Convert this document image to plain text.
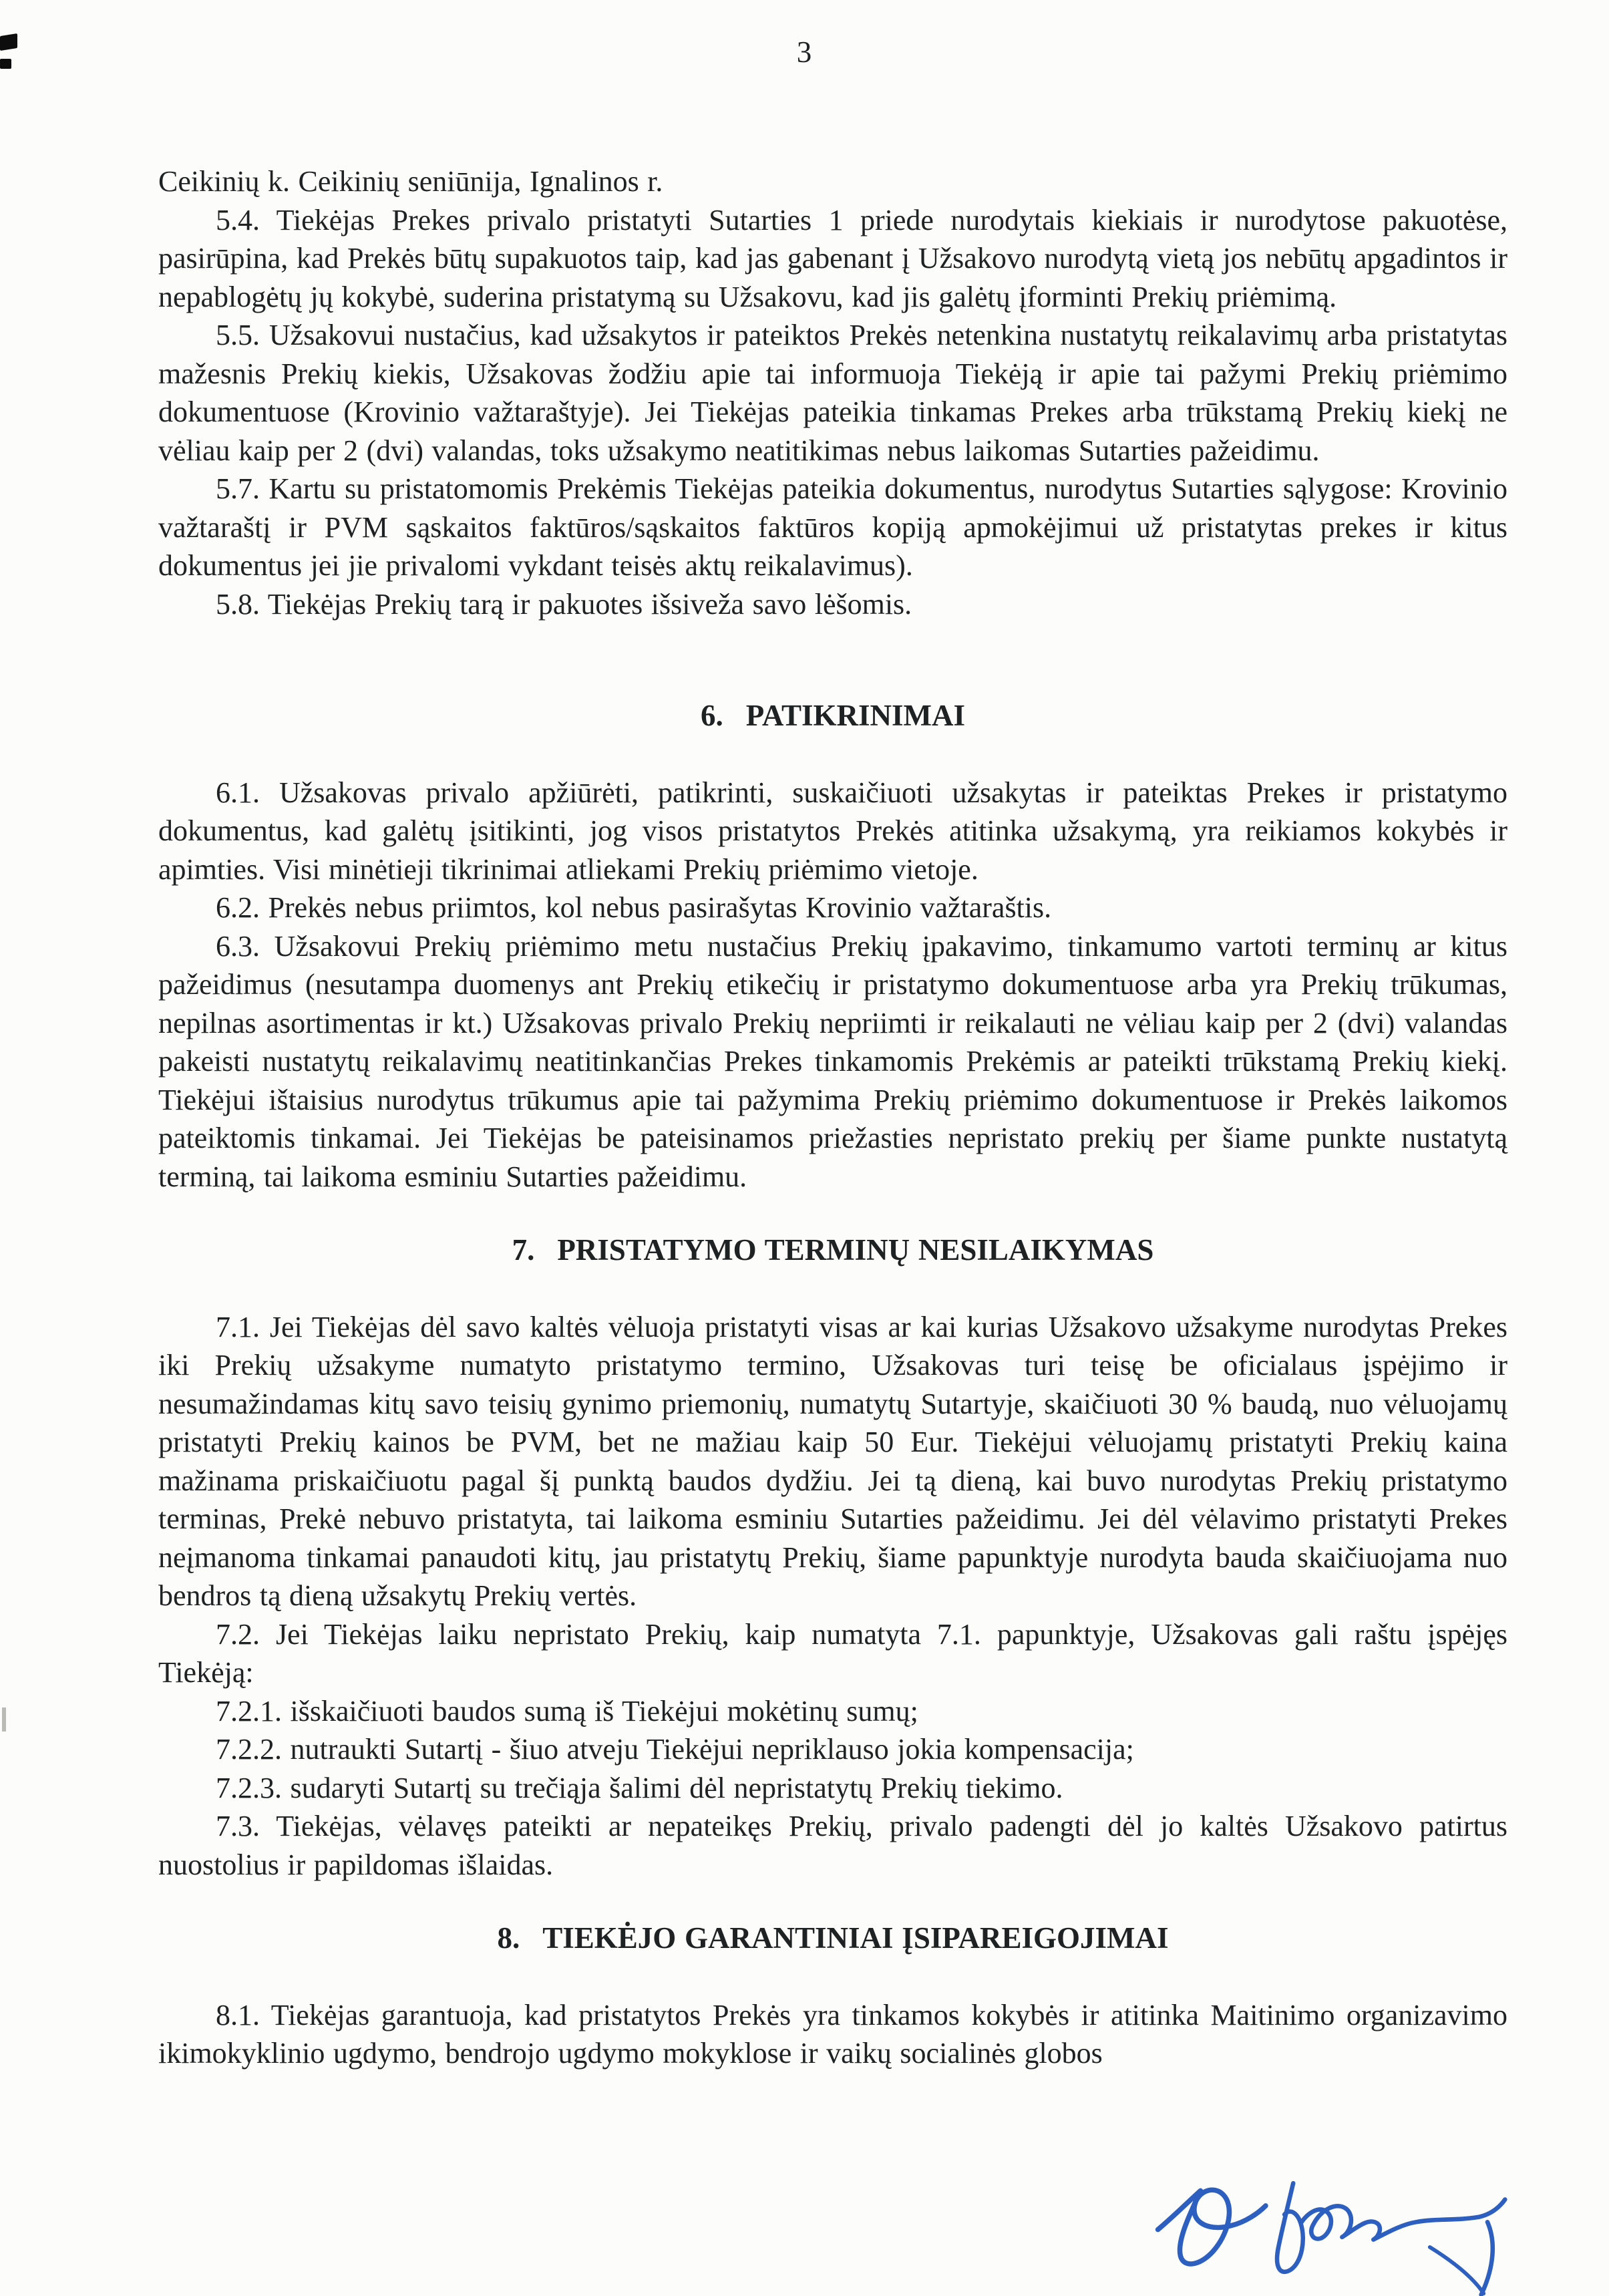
3

Ceikinių k. Ceikinių seniūnija, Ignalinos r.

5.4. Tiekėjas Prekes privalo pristatyti Sutarties 1 priede nurodytais kiekiais ir nurodytose pakuotėse, pasirūpina, kad Prekės būtų supakuotos taip, kad jas gabenant į Užsakovo nurodytą vietą jos nebūtų apgadintos ir nepablogėtų jų kokybė, suderina pristatymą su Užsakovu, kad jis galėtų įforminti Prekių priėmimą.

5.5. Užsakovui nustačius, kad užsakytos ir pateiktos Prekės netenkina nustatytų reikalavimų arba pristatytas mažesnis Prekių kiekis, Užsakovas žodžiu apie tai informuoja Tiekėją ir apie tai pažymi Prekių priėmimo dokumentuose (Krovinio važtaraštyje). Jei Tiekėjas pateikia tinkamas Prekes arba trūkstamą Prekių kiekį ne vėliau kaip per 2 (dvi) valandas, toks užsakymo neatitikimas nebus laikomas Sutarties pažeidimu.

5.7. Kartu su pristatomomis Prekėmis Tiekėjas pateikia dokumentus, nurodytus Sutarties sąlygose: Krovinio važtaraštį ir PVM sąskaitos faktūros/sąskaitos faktūros kopiją apmokėjimui už pristatytas prekes ir kitus dokumentus jei jie privalomi vykdant teisės aktų reikalavimus).

5.8. Tiekėjas Prekių tarą ir pakuotes išsiveža savo lėšomis.

6. PATIKRINIMAI

6.1. Užsakovas privalo apžiūrėti, patikrinti, suskaičiuoti užsakytas ir pateiktas Prekes ir pristatymo dokumentus, kad galėtų įsitikinti, jog visos pristatytos Prekės atitinka užsakymą, yra reikiamos kokybės ir apimties. Visi minėtieji tikrinimai atliekami Prekių priėmimo vietoje.

6.2. Prekės nebus priimtos, kol nebus pasirašytas Krovinio važtaraštis.

6.3. Užsakovui Prekių priėmimo metu nustačius Prekių įpakavimo, tinkamumo vartoti terminų ar kitus pažeidimus (nesutampa duomenys ant Prekių etikečių ir pristatymo dokumentuose arba yra Prekių trūkumas, nepilnas asortimentas ir kt.) Užsakovas privalo Prekių nepriimti ir reikalauti ne vėliau kaip per 2 (dvi) valandas pakeisti nustatytų reikalavimų neatitinkančias Prekes tinkamomis Prekėmis ar pateikti trūkstamą Prekių kiekį. Tiekėjui ištaisius nurodytus trūkumus apie tai pažymima Prekių priėmimo dokumentuose ir Prekės laikomos pateiktomis tinkamai. Jei Tiekėjas be pateisinamos priežasties nepristato prekių per šiame punkte nustatytą terminą, tai laikoma esminiu Sutarties pažeidimu.

7. PRISTATYMO TERMINŲ NESILAIKYMAS

7.1. Jei Tiekėjas dėl savo kaltės vėluoja pristatyti visas ar kai kurias Užsakovo užsakyme nurodytas Prekes iki Prekių užsakyme numatyto pristatymo termino, Užsakovas turi teisę be oficialaus įspėjimo ir nesumažindamas kitų savo teisių gynimo priemonių, numatytų Sutartyje, skaičiuoti 30 % baudą, nuo vėluojamų pristatyti Prekių kainos be PVM, bet ne mažiau kaip 50 Eur. Tiekėjui vėluojamų pristatyti Prekių kaina mažinama priskaičiuotu pagal šį punktą baudos dydžiu. Jei tą dieną, kai buvo nurodytas Prekių pristatymo terminas, Prekė nebuvo pristatyta, tai laikoma esminiu Sutarties pažeidimu. Jei dėl vėlavimo pristatyti Prekes neįmanoma tinkamai panaudoti kitų, jau pristatytų Prekių, šiame papunktyje nurodyta bauda skaičiuojama nuo bendros tą dieną užsakytų Prekių vertės.

7.2. Jei Tiekėjas laiku nepristato Prekių, kaip numatyta 7.1. papunktyje, Užsakovas gali raštu įspėjęs Tiekėją:

7.2.1. išskaičiuoti baudos sumą iš Tiekėjui mokėtinų sumų;

7.2.2. nutraukti Sutartį - šiuo atveju Tiekėjui nepriklauso jokia kompensacija;

7.2.3. sudaryti Sutartį su trečiąja šalimi dėl nepristatytų Prekių tiekimo.

7.3. Tiekėjas, vėlavęs pateikti ar nepateikęs Prekių, privalo padengti dėl jo kaltės Užsakovo patirtus nuostolius ir papildomas išlaidas.

8. TIEKĖJO GARANTINIAI ĮSIPAREIGOJIMAI

8.1. Tiekėjas garantuoja, kad pristatytos Prekės yra tinkamos kokybės ir atitinka Maitinimo organizavimo ikimokyklinio ugdymo, bendrojo ugdymo mokyklose ir vaikų socialinės globos
